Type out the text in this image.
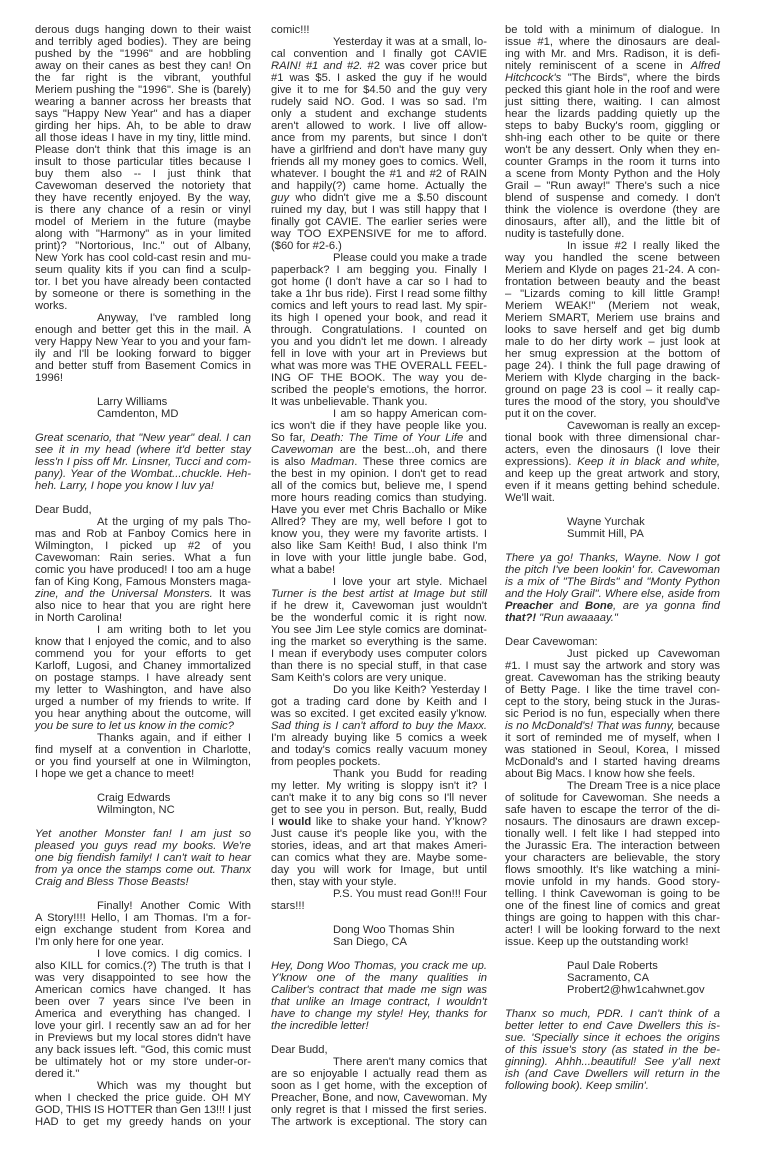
derous dugs hanging down to their waist
and terribly aged bodies). They are being
pushed by the "1996" and are hobbling
away on their canes as best they can! On
the far right is the vibrant, youthful
Meriem pushing the "1996". She is (barely)
wearing a banner across her breasts that
says "Happy New Year" and has a diaper
girding her hips. Ah, to be able to draw
all those ideas I have in my tiny, little mind.
Please don't think that this image is an
insult to those particular titles because I
buy them also -- I just think that
Cavewoman deserved the notoriety that
they have recently enjoyed. By the way,
is there any chance of a resin or vinyl
model of Meriem in the future (maybe
along with "Harmony" as in your limited
print)? "Nortorious, Inc." out of Albany,
New York has cool cold-cast resin and mu-
seum quality kits if you can find a sculp-
tor. I bet you have already been contacted
by someone or there is something in the
works.
Anyway, I've rambled long
enough and better get this in the mail. A
very Happy New Year to you and your fam-
ily and I'll be looking forward to bigger
and better stuff from Basement Comics in
1996!
Larry Williams
Camdenton, MD
Great scenario, that "New year" deal. I can
see it in my head (where it'd better stay
less'n I piss off Mr. Linsner, Tucci and com-
pany). Year of the Wombat...chuckle. Heh-
heh. Larry, I hope you know I luv ya!
Dear Budd,
At the urging of my pals Tho-
mas and Rob at Fanboy Comics here in
Wilmington, I picked up #2 of you
Cavewoman: Rain series. What a fun
comic you have produced! I too am a huge
fan of King Kong, Famous Monsters maga-
zine, and the Universal Monsters. It was
also nice to hear that you are right here
in North Carolina!
I am writing both to let you
know that I enjoyed the comic, and to also
commend you for your efforts to get
Karloff, Lugosi, and Chaney immortalized
on postage stamps. I have already sent
my letter to Washington, and have also
urged a number of my friends to write. If
you hear anything about the outcome, will
you be sure to let us know in the comic?
Thanks again, and if either I
find myself at a convention in Charlotte,
or you find yourself at one in Wilmington,
I hope we get a chance to meet!
Craig Edwards
Wilmington, NC
Yet another Monster fan! I am just so
pleased you guys read my books. We're
one big fiendish family! I can't wait to hear
from ya once the stamps come out. Thanx
Craig and Bless Those Beasts!
Finally! Another Comic With
A Story!!!! Hello, I am Thomas. I'm a for-
eign exchange student from Korea and
I'm only here for one year.
I love comics. I dig comics. I
also KILL for comics.(?) The truth is that I
was very disappointed to see how the
American comics have changed. It has
been over 7 years since I've been in
America and everything has changed. I
love your girl. I recently saw an ad for her
in Previews but my local stores didn't have
any back issues left. "God, this comic must
be ultimately hot or my store under-or-
dered it."
Which was my thought but
when I checked the price guide. OH MY
GOD, THIS IS HOTTER than Gen 13!!! I just
HAD to get my greedy hands on your
comic!!!
Yesterday it was at a small, lo-
cal convention and I finally got CAVIE
RAIN! #1 and #2. #2 was cover price but
#1 was $5. I asked the guy if he would
give it to me for $4.50 and the guy very
rudely said NO. God. I was so sad. I'm
only a student and exchange students
aren't allowed to work. I live off allow-
ance from my parents, but since I don't
have a girlfriend and don't have many guy
friends all my money goes to comics. Well,
whatever. I bought the #1 and #2 of RAIN
and happily(?) came home. Actually the
guy who didn't give me a $.50 discount
ruined my day, but I was still happy that I
finally got CAVIE. The earlier series were
way TOO EXPENSIVE for me to afford.
($60 for #2-6.)
Please could you make a trade
paperback? I am begging you. Finally I
got home (I don't have a car so I had to
take a 1hr bus ride). First I read some filthy
comics and left yours to read last. My spir-
its high I opened your book, and read it
through. Congratulations. I counted on
you and you didn't let me down. I already
fell in love with your art in Previews but
what was more was THE OVERALL FEEL-
ING OF THE BOOK. The way you de-
scribed the people's emotions, the horror.
It was unbelievable. Thank you.
I am so happy American com-
ics won't die if they have people like you.
So far, Death: The Time of Your Life and
Cavewoman are the best...oh, and there
is also Madman. These three comics are
the best in my opinion. I don't get to read
all of the comics but, believe me, I spend
more hours reading comics than studying.
Have you ever met Chris Bachallo or Mike
Allred? They are my, well before I got to
know you, they were my favorite artists. I
also like Sam Keith! Bud, I also think I'm
in love with your little jungle babe. God,
what a babe!
I love your art style. Michael
Turner is the best artist at Image but still
if he drew it, Cavewoman just wouldn't
be the wonderful comic it is right now.
You see Jim Lee style comics are dominat-
ing the market so everything is the same.
I mean if everybody uses computer colors
than there is no special stuff, in that case
Sam Keith's colors are very unique.
Do you like Keith? Yesterday I
got a trading card done by Keith and I
was so excited. I get excited easily y'know.
Sad thing is I can't afford to buy the Maxx.
I'm already buying like 5 comics a week
and today's comics really vacuum money
from peoples pockets.
Thank you Budd for reading
my letter. My writing is sloppy isn't it? I
can't make it to any big cons so I'll never
get to see you in person. But, really, Budd
I would like to shake your hand. Y'know?
Just cause it's people like you, with the
stories, ideas, and art that makes Ameri-
can comics what they are. Maybe some-
day you will work for Image, but until
then, stay with your style.
P.S. You must read Gon!!! Four
stars!!!
Dong Woo Thomas Shin
San Diego, CA
Hey, Dong Woo Thomas, you crack me up.
Y'know one of the many qualities in
Caliber's contract that made me sign was
that unlike an Image contract, I wouldn't
have to change my style! Hey, thanks for
the incredible letter!
Dear Budd,
There aren't many comics that
are so enjoyable I actually read them as
soon as I get home, with the exception of
Preacher, Bone, and now, Cavewoman. My
only regret is that I missed the first series.
The artwork is exceptional. The story can
be told with a minimum of dialogue. In
issue #1, where the dinosaurs are deal-
ing with Mr. and Mrs. Radison, it is defi-
nitely reminiscent of a scene in Alfred
Hitchcock's "The Birds", where the birds
pecked this giant hole in the roof and were
just sitting there, waiting. I can almost
hear the lizards padding quietly up the
steps to baby Bucky's room, giggling or
shh-ing each other to be quite or there
won't be any dessert. Only when they en-
counter Gramps in the room it turns into
a scene from Monty Python and the Holy
Grail – "Run away!" There's such a nice
blend of suspense and comedy. I don't
think the violence is overdone (they are
dinosaurs, after all), and the little bit of
nudity is tastefully done.
In issue #2 I really liked the
way you handled the scene between
Meriem and Klyde on pages 21-24. A con-
frontation between beauty and the beast
– "Lizards coming to kill little Gramp!
Meriem WEAK!" (Meriem not weak,
Meriem SMART, Meriem use brains and
looks to save herself and get big dumb
male to do her dirty work – just look at
her smug expression at the bottom of
page 24). I think the full page drawing of
Meriem with Klyde charging in the back-
ground on page 23 is cool – it really cap-
tures the mood of the story, you should've
put it on the cover.
Cavewoman is really an excep-
tional book with three dimensional char-
acters, even the dinosaurs (I love their
expressions). Keep it in black and white,
and keep up the great artwork and story,
even if it means getting behind schedule.
We'll wait.
Wayne Yurchak
Summit Hill, PA
There ya go! Thanks, Wayne. Now I got
the pitch I've been lookin' for. Cavewoman
is a mix of "The Birds" and "Monty Python
and the Holy Grail". Where else, aside from
Preacher and Bone, are ya gonna find
that?! "Run awaaaay."
Dear Cavewoman:
Just picked up Cavewoman
#1. I must say the artwork and story was
great. Cavewoman has the striking beauty
of Betty Page. I like the time travel con-
cept to the story, being stuck in the Juras-
sic Period is no fun, especially when there
is no McDonald's! That was funny, because
it sort of reminded me of myself, when I
was stationed in Seoul, Korea, I missed
McDonald's and I started having dreams
about Big Macs. I know how she feels.
The Dream Tree is a nice place
of solitude for Cavewoman. She needs a
safe haven to escape the terror of the di-
nosaurs. The dinosaurs are drawn excep-
tionally well. I felt like I had stepped into
the Jurassic Era. The interaction between
your characters are believable, the story
flows smoothly. It's like watching a mini-
movie unfold in my hands. Good story-
telling. I think Cavewoman is going to be
one of the finest line of comics and great
things are going to happen with this char-
acter! I will be looking forward to the next
issue. Keep up the outstanding work!
Paul Dale Roberts
Sacramento, CA
Probert2@hw1cahwnet.gov
Thanx so much, PDR. I can't think of a
better letter to end Cave Dwellers this is-
sue. 'Specially since it echoes the origins
of this issue's story (as stated in the be-
ginning). Ahhh...beautiful! See y'all next
ish (and Cave Dwellers will return in the
following book). Keep smilin'.
